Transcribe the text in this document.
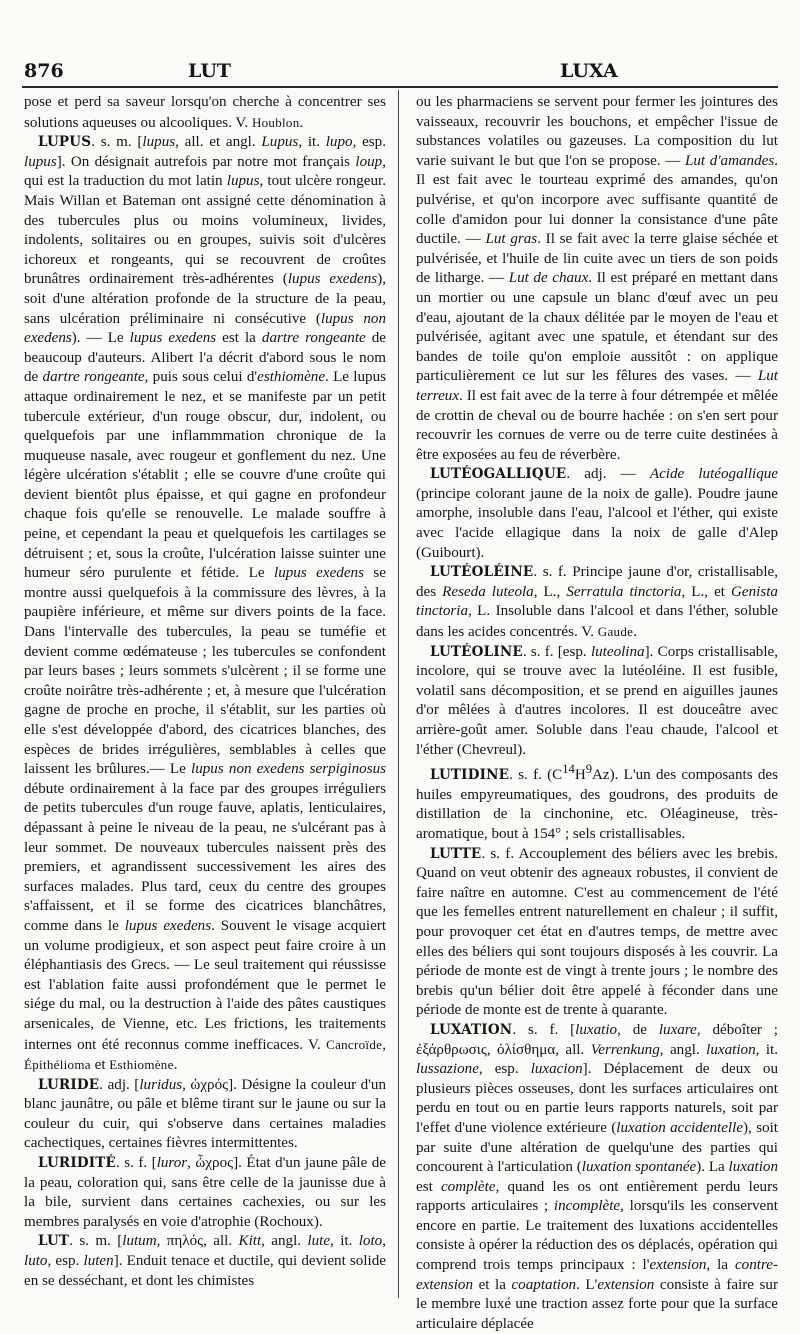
876	LUT	LUXA

pose et perd sa saveur lorsqu'on cherche à concentrer ses solutions aqueuses ou alcooliques. V. Houblon.

LUPUS. s. m. [lupus, all. et angl. Lupus, it. lupo, esp. lupus]. On désignait autrefois par notre mot français loup, qui est la traduction du mot latin lupus, tout ulcère rongeur. Mais Willan et Bateman ont assigné cette dénomination à des tubercules plus ou moins volumineux, livides, indolents, solitaires ou en groupes, suivis soit d'ulcères ichoreux et rongeants, qui se recouvrent de croûtes brunâtres ordinairement très-adhérentes (lupus exedens), soit d'une altération profonde de la structure de la peau, sans ulcération préliminaire ni consécutive (lupus non exedens). — Le lupus exedens est la dartre rongeante de beaucoup d'auteurs. Alibert l'a décrit d'abord sous le nom de dartre rongeante, puis sous celui d'esthiomène. Le lupus attaque ordinairement le nez, et se manifeste par un petit tubercule extérieur, d'un rouge obscur, dur, indolent, ou quelquefois par une inflammmation chronique de la muqueuse nasale, avec rougeur et gonflement du nez. Une légère ulcération s'établit ; elle se couvre d'une croûte qui devient bientôt plus épaisse, et qui gagne en profondeur chaque fois qu'elle se renouvelle. Le malade souffre à peine, et cependant la peau et quelquefois les cartilages se détruisent ; et, sous la croûte, l'ulcération laisse suinter une humeur séro purulente et fétide. Le lupus exedens se montre aussi quelquefois à la commissure des lèvres, à la paupière inférieure, et même sur divers points de la face. Dans l'intervalle des tubercules, la peau se tuméfie et devient comme œdémateuse ; les tubercules se confondent par leurs bases ; leurs sommets s'ulcèrent ; il se forme une croûte noirâtre très-adhérente ; et, à mesure que l'ulcération gagne de proche en proche, il s'établit, sur les parties où elle s'est développée d'abord, des cicatrices blanches, des espèces de brides irrégulières, semblables à celles que laissent les brûlures.— Le lupus non exedens serpiginosus débute ordinairement à la face par des groupes irréguliers de petits tubercules d'un rouge fauve, aplatis, lenticulaires, dépassant à peine le niveau de la peau, ne s'ulcérant pas à leur sommet. De nouveaux tubercules naissent près des premiers, et agrandissent successivement les aires des surfaces malades. Plus tard, ceux du centre des groupes s'affaissent, et il se forme des cicatrices blanchâtres, comme dans le lupus exedens. Souvent le visage acquiert un volume prodigieux, et son aspect peut faire croire à un éléphantiasis des Grecs. — Le seul traitement qui réussisse est l'ablation faite aussi profondément que le permet le siége du mal, ou la destruction à l'aide des pâtes caustiques arsenicales, de Vienne, etc. Les frictions, les traitements internes ont été reconnus comme inefficaces. V. Cancroïde, Épithélioma et Esthiomène.

LURIDE. adj. [luridus, ὠχρός]. Désigne la couleur d'un blanc jaunâtre, ou pâle et blême tirant sur le jaune ou sur la couleur du cuir, qui s'observe dans certaines maladies cachectiques, certaines fièvres intermittentes.

LURIDITÉ. s. f. [luror, ὦχρος]. État d'un jaune pâle de la peau, coloration qui, sans être celle de la jaunisse due à la bile, survient dans certaines cachexies, ou sur les membres paralysés en voie d'atrophie (Rochoux).

LUT. s. m. [lutum, πηλός, all. Kitt, angl. lute, it. loto, luto, esp. luten]. Enduit tenace et ductile, qui devient solide en se desséchant, et dont les chimistes

ou les pharmaciens se servent pour fermer les jointures des vaisseaux, recouvrir les bouchons, et empêcher l'issue de substances volatiles ou gazeuses. La composition du lut varie suivant le but que l'on se propose. — Lut d'amandes. Il est fait avec le tourteau exprimé des amandes, qu'on pulvérise, et qu'on incorpore avec suffisante quantité de colle d'amidon pour lui donner la consistance d'une pâte ductile. — Lut gras. Il se fait avec la terre glaise séchée et pulvérisée, et l'huile de lin cuite avec un tiers de son poids de litharge. — Lut de chaux. Il est préparé en mettant dans un mortier ou une capsule un blanc d'œuf avec un peu d'eau, ajoutant de la chaux délitée par le moyen de l'eau et pulvérisée, agitant avec une spatule, et étendant sur des bandes de toile qu'on emploie aussitôt : on applique particulièrement ce lut sur les fêlures des vases. — Lut terreux. Il est fait avec de la terre à four détrempée et mêlée de crottin de cheval ou de bourre hachée : on s'en sert pour recouvrir les cornues de verre ou de terre cuite destinées à être exposées au feu de réverbère.

LUTÉOGALLIQUE. adj. — Acide lutéogallique (principe colorant jaune de la noix de galle). Poudre jaune amorphe, insoluble dans l'eau, l'alcool et l'éther, qui existe avec l'acide ellagique dans la noix de galle d'Alep (Guibourt).

LUTÉOLÉINE. s. f. Principe jaune d'or, cristallisable, des Reseda luteola, L., Serratula tinctoria, L., et Genista tinctoria, L. Insoluble dans l'alcool et dans l'éther, soluble dans les acides concentrés. V. Gaude.

LUTÉOLINE. s. f. [esp. luteolina]. Corps cristallisable, incolore, qui se trouve avec la lutéoléine. Il est fusible, volatil sans décomposition, et se prend en aiguilles jaunes d'or mêlées à d'autres incolores. Il est douceâtre avec arrière-goût amer. Soluble dans l'eau chaude, l'alcool et l'éther (Chevreul).

LUTIDINE. s. f. $(C^{14}H^9Az)$. L'un des composants des huiles empyreumatiques, des goudrons, des produits de distillation de la cinchonine, etc. Oléagineuse, très-aromatique, bout à 154° ; sels cristallisables.

LUTTE. s. f. Accouplement des béliers avec les brebis. Quand on veut obtenir des agneaux robustes, il convient de faire naître en automne. C'est au commencement de l'été que les femelles entrent naturellement en chaleur ; il suffit, pour provoquer cet état en d'autres temps, de mettre avec elles des béliers qui sont toujours disposés à les couvrir. La période de monte est de vingt à trente jours ; le nombre des brebis qu'un bélier doit être appelé à féconder dans une période de monte est de trente à quarante.

LUXATION. s. f. [luxatio, de luxare, déboîter ; ἐξάρθρωσις, ὀλίσθημα, all. Verrenkung, angl. luxation, it. lussazione, esp. luxacion]. Déplacement de deux ou plusieurs pièces osseuses, dont les surfaces articulaires ont perdu en tout ou en partie leurs rapports naturels, soit par l'effet d'une violence extérieure (luxation accidentelle), soit par suite d'une altération de quelqu'une des parties qui concourent à l'articulation (luxation spontanée). La luxation est complète, quand les os ont entièrement perdu leurs rapports articulaires ; incomplète, lorsqu'ils les conservent encore en partie. Le traitement des luxations accidentelles consiste à opérer la réduction des os déplacés, opération qui comprend trois temps principaux : l'extension, la contre-extension et la coaptation. L'extension consiste à faire sur le membre luxé une traction assez forte pour que la surface articulaire déplacée
